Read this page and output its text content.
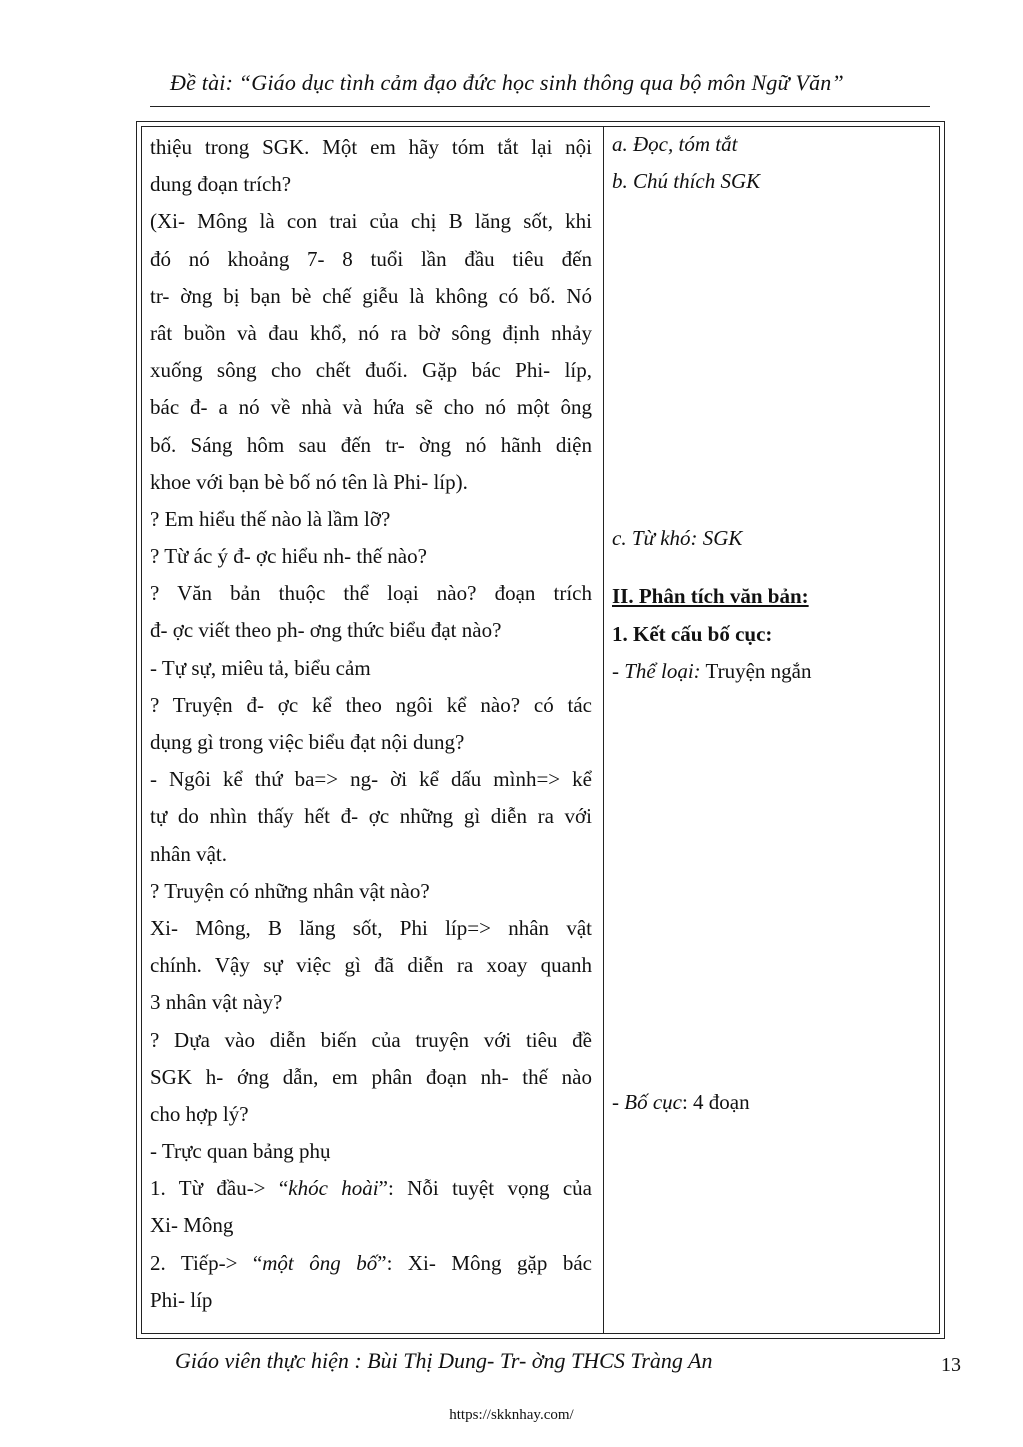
Đề tài: “Giáo dục tình cảm đạo đức học sinh thông qua bộ môn Ngữ Văn”
thiệu trong SGK. Một em hãy tóm tắt lại nội
dung đoạn trích?
(Xi- Mông là con trai của chị B lăng sốt, khi
đó nó khoảng 7- 8 tuổi lần đầu tiêu đến
tr- ờng bị bạn bè chế giễu là không có bố. Nó
rât buồn và đau khổ, nó ra bờ sông định nhảy
xuống sông cho chết đuối. Gặp bác Phi- líp,
bác đ- a nó về nhà và hứa sẽ cho nó một ông
bố. Sáng hôm sau đến tr- ờng nó hãnh diện
khoe với bạn bè bố nó tên là Phi- líp).
? Em hiểu thế nào là lầm lỡ?
? Từ ác ý đ- ợc hiểu nh- thế nào?
? Văn bản thuộc thể loại nào? đoạn trích
đ- ợc viết theo ph- ơng thức biểu đạt nào?
- Tự sự, miêu tả, biểu cảm
? Truyện đ- ợc kể theo ngôi kể nào? có tác
dụng gì trong việc biểu đạt nội dung?
- Ngôi kể thứ ba=> ng- ời kể dấu mình=> kể
tự do nhìn thấy hết đ- ợc những gì diễn ra với
nhân vật.
? Truyện có những nhân vật nào?
Xi- Mông, B lăng sốt, Phi líp=> nhân vật
chính. Vậy sự việc gì đã diễn ra xoay quanh
3 nhân vật này?
? Dựa vào diễn biến của truyện với tiêu đề
SGK h- ớng dẫn, em phân đoạn nh- thế nào
cho hợp lý?
- Trực quan bảng phụ
1. Từ đầu-> “khóc hoài”: Nỗi tuyệt vọng của
Xi- Mông
2. Tiếp-> “một ông bố”: Xi- Mông gặp bác
Phi- líp
a. Đọc, tóm tắt
b. Chú thích SGK
c. Từ khó: SGK
II. Phân tích văn bản:
1. Kết cấu bố cục:
- Thể loại: Truyện ngắn
- Bố cục: 4 đoạn
Giáo viên thực hiện : Bùi Thị Dung- Tr- ờng THCS Tràng An	13
https://skknhay.com/
